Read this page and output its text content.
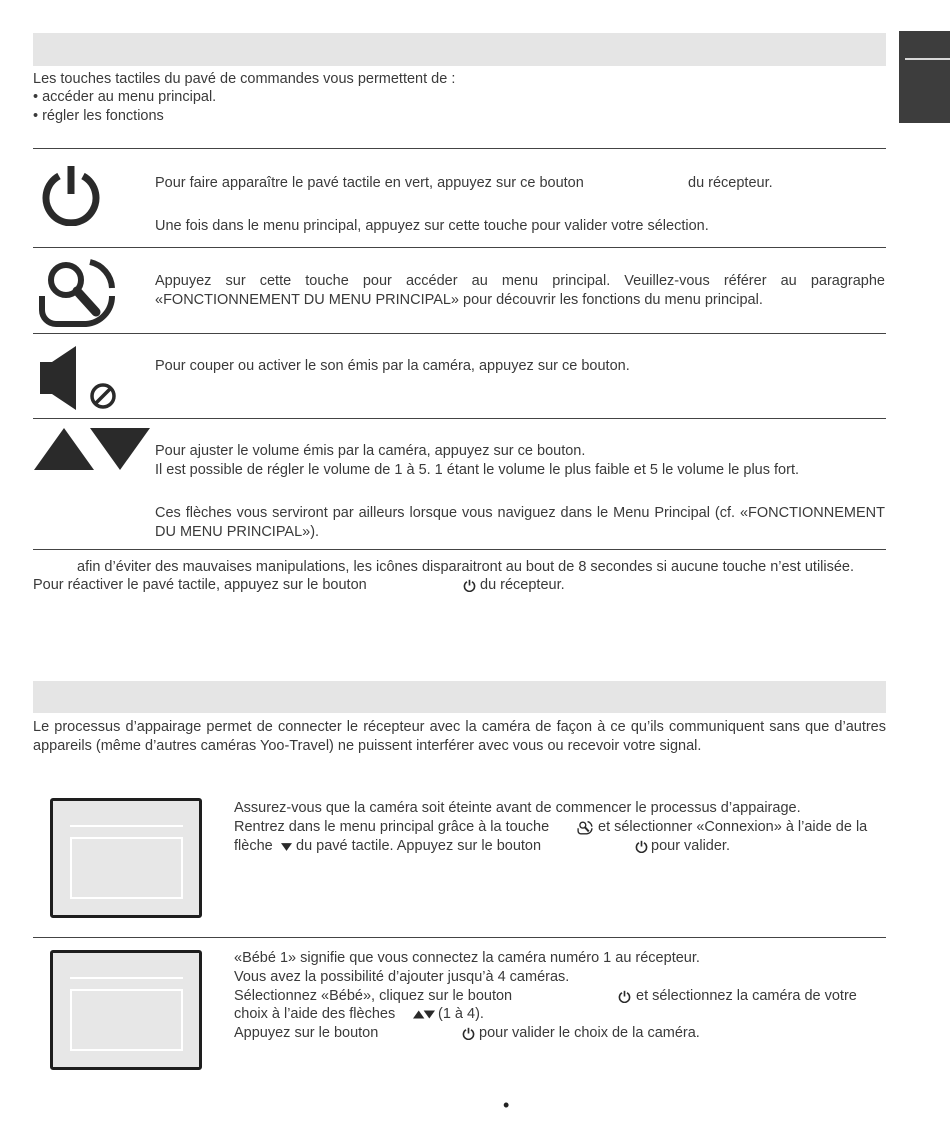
Les touches tactiles du pavé de commandes vous permettent de :
• accéder au menu principal.
• régler les fonctions
Pour faire apparaître le pavé tactile en vert, appuyez sur ce bouton	du récepteur.
Une fois dans le menu principal, appuyez sur cette touche pour valider votre sélection.
Appuyez sur cette touche pour accéder au menu principal. Veuillez-vous référer au paragraphe «FONCTIONNEMENT DU MENU PRINCIPAL» pour découvrir les fonctions du menu principal.
Pour couper ou activer le son émis par la caméra, appuyez sur ce bouton.
Pour ajuster le volume émis par la caméra, appuyez sur ce bouton.
Il est possible de régler le volume de 1 à 5. 1 étant le volume le plus faible et 5 le volume le plus fort.
Ces flèches vous serviront par ailleurs lorsque vous naviguez dans le Menu Principal (cf. «FONCTIONNEMENT DU MENU PRINCIPAL»).
afin d’éviter des mauvaises manipulations, les icônes disparaitront au bout de 8 secondes si aucune touche n’est utilisée.
Pour réactiver le pavé tactile, appuyez sur le bouton	du récepteur.
Le processus d’appairage permet de connecter le récepteur avec la caméra de façon à ce qu’ils communiquent sans que d’autres appareils (même d’autres caméras Yoo-Travel) ne puissent interférer avec vous ou recevoir votre signal.
Assurez-vous que la caméra soit éteinte avant de commencer le processus d’appairage.
Rentrez dans le menu principal grâce à la touche	et sélectionner «Connexion» à l’aide de la
flèche du pavé tactile. Appuyez sur le bouton	pour valider.
«Bébé 1» signifie que vous connectez la caméra numéro 1 au récepteur.
Vous avez la possibilité d’ajouter jusqu’à 4 caméras.
Sélectionnez «Bébé», cliquez sur le bouton	et sélectionnez la caméra de votre
choix à l’aide des flèches	(1 à 4).
Appuyez sur le bouton	pour valider le choix de la caméra.
•
